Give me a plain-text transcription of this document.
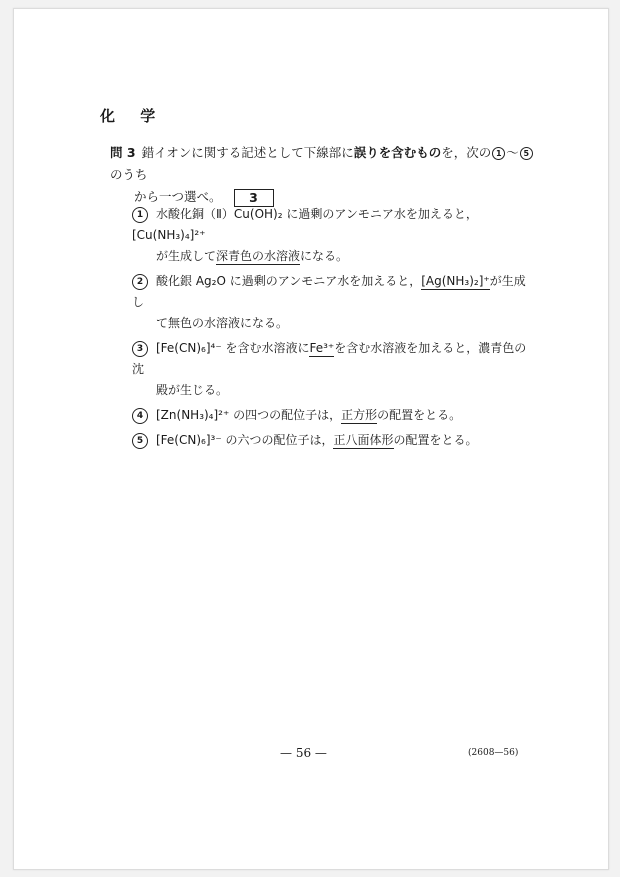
化 学
問 3 錯イオンに関する記述として下線部に誤りを含むものを，次の 1 ～ 5のうち
から一つ選べ。 3
1 水酸化銅（Ⅱ）Cu(OH)₂ に過剰のアンモニア水を加えると，[Cu(NH₃)₄]²⁺
が生成して深青色の水溶液になる。
2 酸化銀 Ag₂O に過剰のアンモニア水を加えると，[Ag(NH₃)₂]⁺が生成し
て無色の水溶液になる。
3 [Fe(CN)₆]⁴⁻ を含む水溶液にFe³⁺を含む水溶液を加えると，濃青色の沈
殿が生じる。
4 [Zn(NH₃)₄]²⁺ の四つの配位子は，正方形の配置をとる。
5 [Fe(CN)₆]³⁻ の六つの配位子は，正八面体形の配置をとる。
— 56 —	(2608—56)
